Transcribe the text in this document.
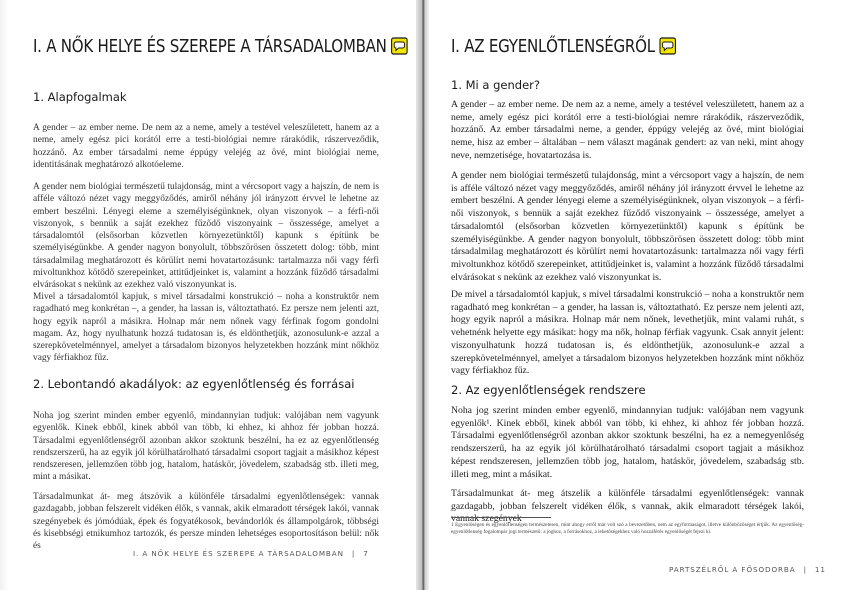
I. A NŐK HELYE ÉS SZEREPE A TÁRSADALOMBAN
1. Alapfogalmak

A gender – az ember neme. De nem az a neme, amely a testével veleszületett, hanem az a neme, amely egész pici korától erre a testi-biológiai nemre rárakódik, rászerveződik, hozzánő. Az ember társadalmi neme éppúgy velejég az övé, mint biológiai neme, identitásának meghatározó alkotóeleme.

A gender nem biológiai természetű tulajdonság, mint a vércsoport vagy a hajszín, de nem is afféle változó nézet vagy meggyőződés, amiről néhány jól irányzott érvvel le lehetne az embert beszélni. Lényegi eleme a személyiségünknek, olyan viszonyok – a férfi-női viszonyok, s bennük a saját ezekhez fűződő viszonyaink – összessége, amelyet a társadalomtól (elsősorban közvetlen környezetünktől) kapunk s építünk be személyiségünkbe. A gender nagyon bonyolult, többszörösen összetett dolog: több, mint társadalmilag meghatározott és körülírt nemi hovatartozásunk: tartalmazza női vagy férfi mivoltunkhoz kötődő szerepeinket, attitűdjeinket is, valamint a hozzánk fűződő társadalmi elvárásokat s nekünk az ezekhez való viszonyunkat is.

Mivel a társadalomtól kapjuk, s mivel társadalmi konstrukció – noha a konstruktőr nem ragadható meg konkrétan –, a gender, ha lassan is, változtatható. Ez persze nem jelenti azt, hogy egyik napról a másikra. Holnap már nem nőnek vagy férfinak fogom gondolni magam. Az, hogy nyulhatunk hozzá tudatosan is, és eldönthetjük, azonosulunk-e azzal a szerepkövetelménnyel, amelyet a társadalom bizonyos helyzetekben hozzánk mint nőkhöz vagy férfiakhoz fűz.

2. Lebontandó akadályok: az egyenlőtlenség és forrásai

Noha jog szerint minden ember egyenlő, mindannyian tudjuk: valójában nem vagyunk egyenlők. Kinek ebből, kinek abból van több, ki ehhez, ki ahhoz fér jobban hozzá. Társadalmi egyenlőtlenségről azonban akkor szoktunk beszélni, ha ez az egyenlőtlenség rendszerszerű, ha az egyik jól körülhatárolható társadalmi csoport tagjait a másikhoz képest rendszeresen, jellemzően több jog, hatalom, hatáskör, jövedelem, szabadság stb. illeti meg, mint a másikat.

Társadalmunkat át- meg átszövik a különféle társadalmi egyenlőtlenségek: vannak gazdagabb, jobban felszerelt vidéken élők, s vannak, akik elmaradott térségek lakói, vannak szegényebek és jómódúak, épek és fogyatékosok, bevándorlók és állampolgárok, többségi és kisebbségi etnikumhoz tartozók, és persze minden lehetséges esoportosításon belül: nők és

I. A NŐK HELYE ÉS SZEREPE A TÁRSADALOMBAN | 7

I. AZ EGYENLŐTLENSÉGRŐL
1. Mi a gender?

A gender – az ember neme. De nem az a neme, amely a testével veleszületett, hanem az a neme, amely egész pici korától erre a testi-biológiai nemre rárakódik, rászerveződik, hozzánő. Az ember társadalmi neme, a gender, éppúgy velejég az övé, mint biológiai neme, hisz az ember – általában – nem választ magának gendert: az van neki, mint ahogy neve, nemzetisége, hovatartozása is.

A gender nem biológiai természetű tulajdonság, mint a vércsoport vagy a hajszín, de nem is afféle változó nézet vagy meggyőződés, amiről néhány jól irányzott érvvel le lehetne az embert beszélni. A gender lényegi eleme a személyiségünknek, olyan viszonyok – a férfi-női viszonyok, s bennük a saját ezekhez fűződő viszonyaink – összessége, amelyet a társadalomtól (elsősorban közvetlen környezetünktől) kapunk s építünk be személyiségünkbe. A gender nagyon bonyolult, többszörösen összetett dolog: több mint társadalmilag meghatározott és körülírt nemi hovatartozásunk: tartalmazza női vagy férfi mivoltunkhoz kötődő szerepeinket, attitűdjeinket is, valamint a hozzánk fűződő társadalmi elvárásokat s nekünk az ezekhez való viszonyunkat is.

De mivel a társadalomtól kapjuk, s mivel társadalmi konstrukció – noha a konstruktőr nem ragadható meg konkrétan – a gender, ha lassan is, változtatható. Ez persze nem jelenti azt, hogy egyik napról a másikra. Holnap már nem nőnek, levethetjük, mint valami ruhát, s vehetnénk helyette egy másikat: hogy ma nők, holnap férfiak vagyunk. Csak annyit jelent: viszonyulhatunk hozzá tudatosan is, és eldönthetjük, azonosulunk-e azzal a szerepkövetelménnyel, amelyet a társadalom bizonyos helyzetekben hozzánk mint nőkhöz vagy férfiakhoz fűz.

2. Az egyenlőtlenségek rendszere

Noha jog szerint minden ember egyenlő, mindannyian tudjuk: valójában nem vagyunk egyenlők¹. Kinek ebből, kinek abból van több, ki ehhez, ki ahhoz fér jobban hozzá. Társadalmi egyenlőtlenségről azonban akkor szoktunk beszélni, ha ez a nemegyenlőség rendszerszerű, ha az egyik jól körülhatárolható társadalmi csoport tagjait a másikhoz képest rendszeresen, jellemzően több jog, hatalom, hatáskör, jövedelem, szabadság stb. illeti meg, mint a másikat.

Társadalmunkat át- meg átszelik a különféle társadalmi egyenlőtlenségek: vannak gazdagabb, jobban felszerelt vidéken élők, s vannak, akik elmaradott térségek lakói, vannak szegények

1 Egyenlőségen és egyenlőtlenségen természetesen, mint ahogy errõl már volt szó a bevezetőben, nem az egyformaságot, illetve különbözőséget értjük. Az egyenlőség-egyenlőtlenség fogalompár jogi természetű: a joghoz, a forrásokhoz, a lehetőségekhez való hozzáférés egyenlőségét fejezi ki.

PARTSZÉLRŐL A FŐSODORBA | 11
